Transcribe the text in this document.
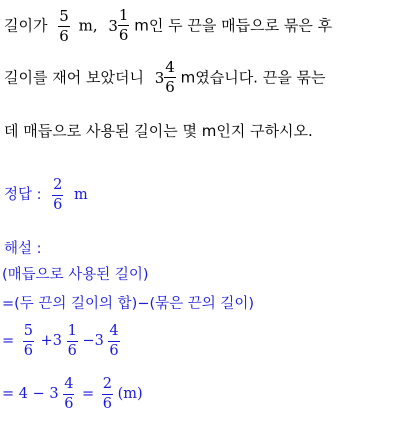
길이가 $\frac{5}{6} m$, $3 \frac{1}{6}$ m인 두 끈을 매듭으로 묶은 후
길이를 재어 보았더니 $3 \frac{4}{6}$ m였습니다. 끈을 묶는
데 매듭으로 사용된 길이는 몇 m인지 구하시오.
정답 : $\frac{2}{6}$ m
해설 :
(매듭으로 사용된 길이)
=(두 끈의 길이의 합)−(묶은 끈의 길이)
= $\frac{5}{6} +3 \frac{1}{6} -3 \frac{4}{6}$
= $4 - 3 \frac{4}{6} = \frac{2}{6} (m)$
